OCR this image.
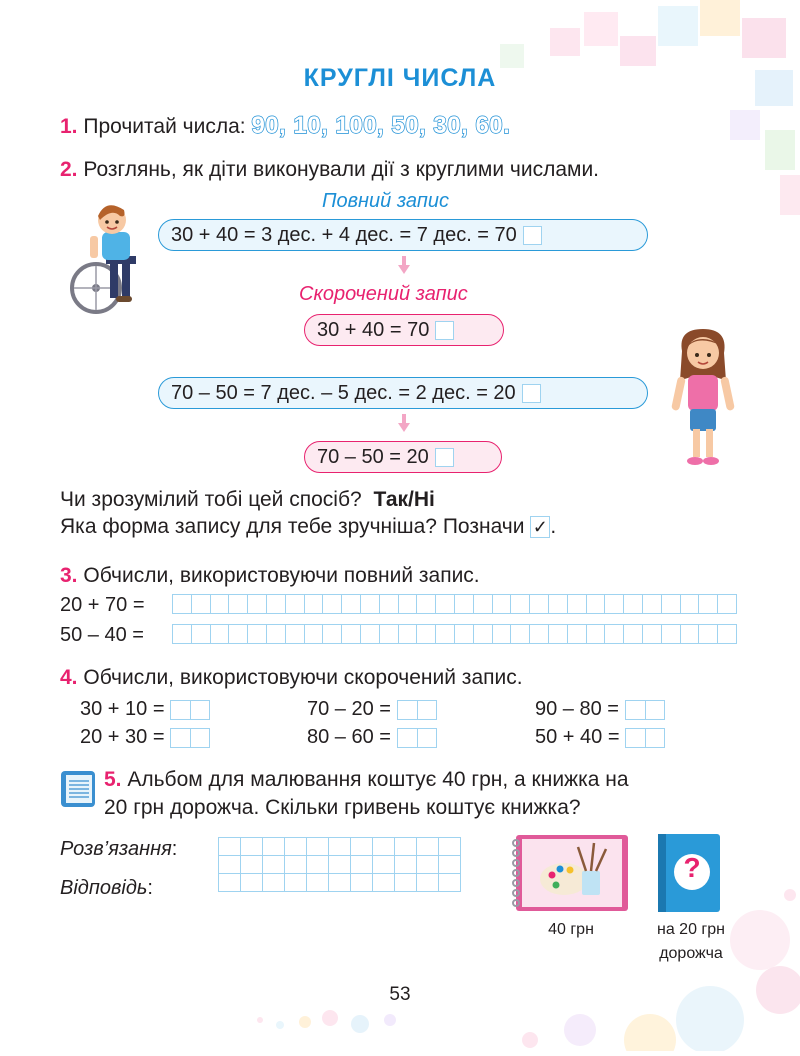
КРУГЛІ ЧИСЛА
1. Прочитай числа: 90, 10, 100, 50, 30, 60.
2. Розглянь, як діти виконували дії з круглими числами.
Повний запис
30 + 40 = 3 дес. + 4 дес. = 7 дес. = 70
Скорочений запис
30 + 40 = 70
70 – 50 = 7 дес. – 5 дес. = 2 дес. = 20
70 – 50 = 20
Чи зрозумілий тобі цей спосіб? Так/Ні
Яка форма запису для тебе зручніша? Позначи ✓ .
3. Обчисли, використовуючи повний запис.
20 + 70 =
50 – 40 =
4. Обчисли, використовуючи скорочений запис.
30 + 10 =	70 – 20 =	90 – 80 =
20 + 30 =	80 – 60 =	50 + 40 =
5. Альбом для малювання коштує 40 грн, а книжка на
20 грн дорожча. Скільки гривень коштує книжка?
Розв’язання:
Відповідь:
40 грн
?
на 20 грн
дорожча
53
